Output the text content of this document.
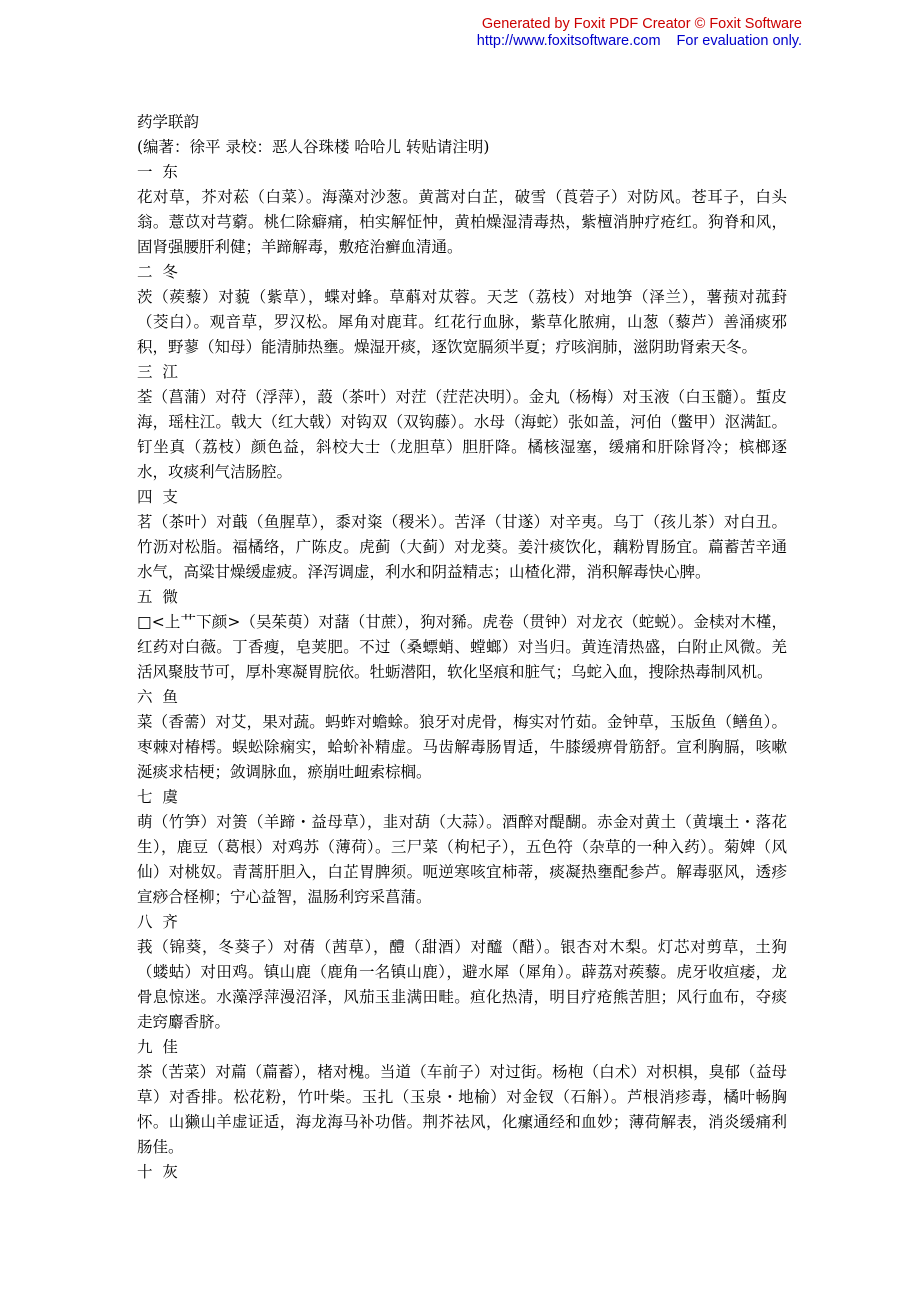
Generated by Foxit PDF Creator © Foxit Software
http://www.foxitsoftware.com For evaluation only.

药学联韵

(编著：徐平 录校：恶人谷珠楼 哈哈儿 转贴请注明)

一  东

花对草，芥对菘（白菜）。海藻对沙葱。黄蒿对白芷，破雪（莨菪子）对防风。苍耳子，白头翁。薏苡对芎藭。桃仁除癖痛，柏实解怔忡，黄柏燥湿清毒热，紫檀消肿疗疮红。狗脊和风，固肾强腰肝利健；羊蹄解毒，敷疮治癣血清通。

二  冬

茨（蒺藜）对藐（紫草），蝶对蜂。草蔛对苁蓉。天芝（荔枝）对地笋（泽兰），薯蓣对菰葑（茭白）。观音草，罗汉松。犀角对鹿茸。红花行血脉，紫草化脓痈，山葱（藜芦）善涌痰邪积，野蓼（知母）能清肺热壅。燥湿开痰，逐饮宽膈须半夏；疗咳润肺，滋阴助肾索天冬。

三  江

荃（菖蒲）对苻（浮萍），蔎（茶叶）对茳（茳茫决明）。金丸（杨梅）对玉液（白玉髓）。蜇皮海，瑶柱江。戟大（红大戟）对钩双（双钩藤）。水母（海蛇）张如盖，河伯（鳖甲）沤满缸。钉坐真（荔枝）颜色益，斜校大士（龙胆草）胆肝降。橘核湿塞，缓痛和肝除肾冷；槟榔逐水，攻痰利气洁肠腔。

四  支

茗（茶叶）对蕺（鱼腥草），黍对粢（稷米）。苦泽（甘遂）对辛夷。乌丁（孩儿茶）对白丑。竹沥对松脂。福橘络，广陈皮。虎蓟（大蓟）对龙葵。姜汁痰饮化，藕粉胃肠宜。萹蓄苦辛通水气，高粱甘燥缓虚疲。泽泻调虚，利水和阴益精志；山楂化滞，消积解毒快心脾。

五  微

□<上艹下颜>（吴茱萸）对藷（甘蔗），狗对豨。虎卷（贯钟）对龙衣（蛇蜕）。金椟对木槿，红药对白薇。丁香瘦，皂荚肥。不过（桑螵蛸、螳螂）对当归。黄连清热盛，白附止风微。羌活风聚肢节可，厚朴寒凝胃脘依。牡蛎潜阳，软化坚痕和脏气；乌蛇入血，搜除热毒制风机。

六  鱼

菜（香薷）对艾，果对蔬。蚂蚱对蟾蜍。狼牙对虎骨，梅实对竹茹。金钟草，玉版鱼（鳝鱼）。枣棘对椿樗。蜈蚣除痫实，蛤蚧补精虚。马齿解毒肠胃适，牛膝缓痹骨筋舒。宣利胸膈，咳嗽涎痰求桔梗；敛调脉血，瘀崩吐衄索棕榈。

七  虞

萌（竹笋）对箦（羊蹄・益母草），韭对葫（大蒜）。酒醉对醍醐。赤金对黄土（黄壤土・落花生），鹿豆（葛根）对鸡苏（薄荷）。三尸菜（枸杞子），五色符（杂草的一种入药）。菊婢（风仙）对桃奴。青蒿肝胆入，白芷胃脾须。呃逆寒咳宜柿蒂，痰凝热壅配参芦。解毒驱风，透疹宣痧合柽柳；宁心益智，温肠利窍采菖蒲。

八  齐

莪（锦葵，冬葵子）对蒨（茜草），醴（甜酒）对醯（醋）。银杏对木梨。灯芯对剪草，土狗（蝼蛄）对田鸡。镇山鹿（鹿角一名镇山鹿），避水犀（犀角）。薜荔对蒺藜。虎牙收疸痿，龙骨息惊迷。水藻浮萍漫沼泽，风茄玉韭满田畦。疸化热清，明目疗疮熊苦胆；风行血布，夺痰走窍麝香脐。

九  佳

茶（苦菜）对萹（萹蓄），楮对槐。当道（车前子）对过街。杨枹（白术）对枳椇，臭郁（益母草）对香排。松花粉，竹叶柴。玉扎（玉泉・地榆）对金钗（石斛）。芦根消疹毒，橘叶畅胸怀。山獭山羊虚证适，海龙海马补功偕。荆芥祛风，化瘰通经和血妙；薄荷解表，消炎缓痛利肠佳。

十  灰
